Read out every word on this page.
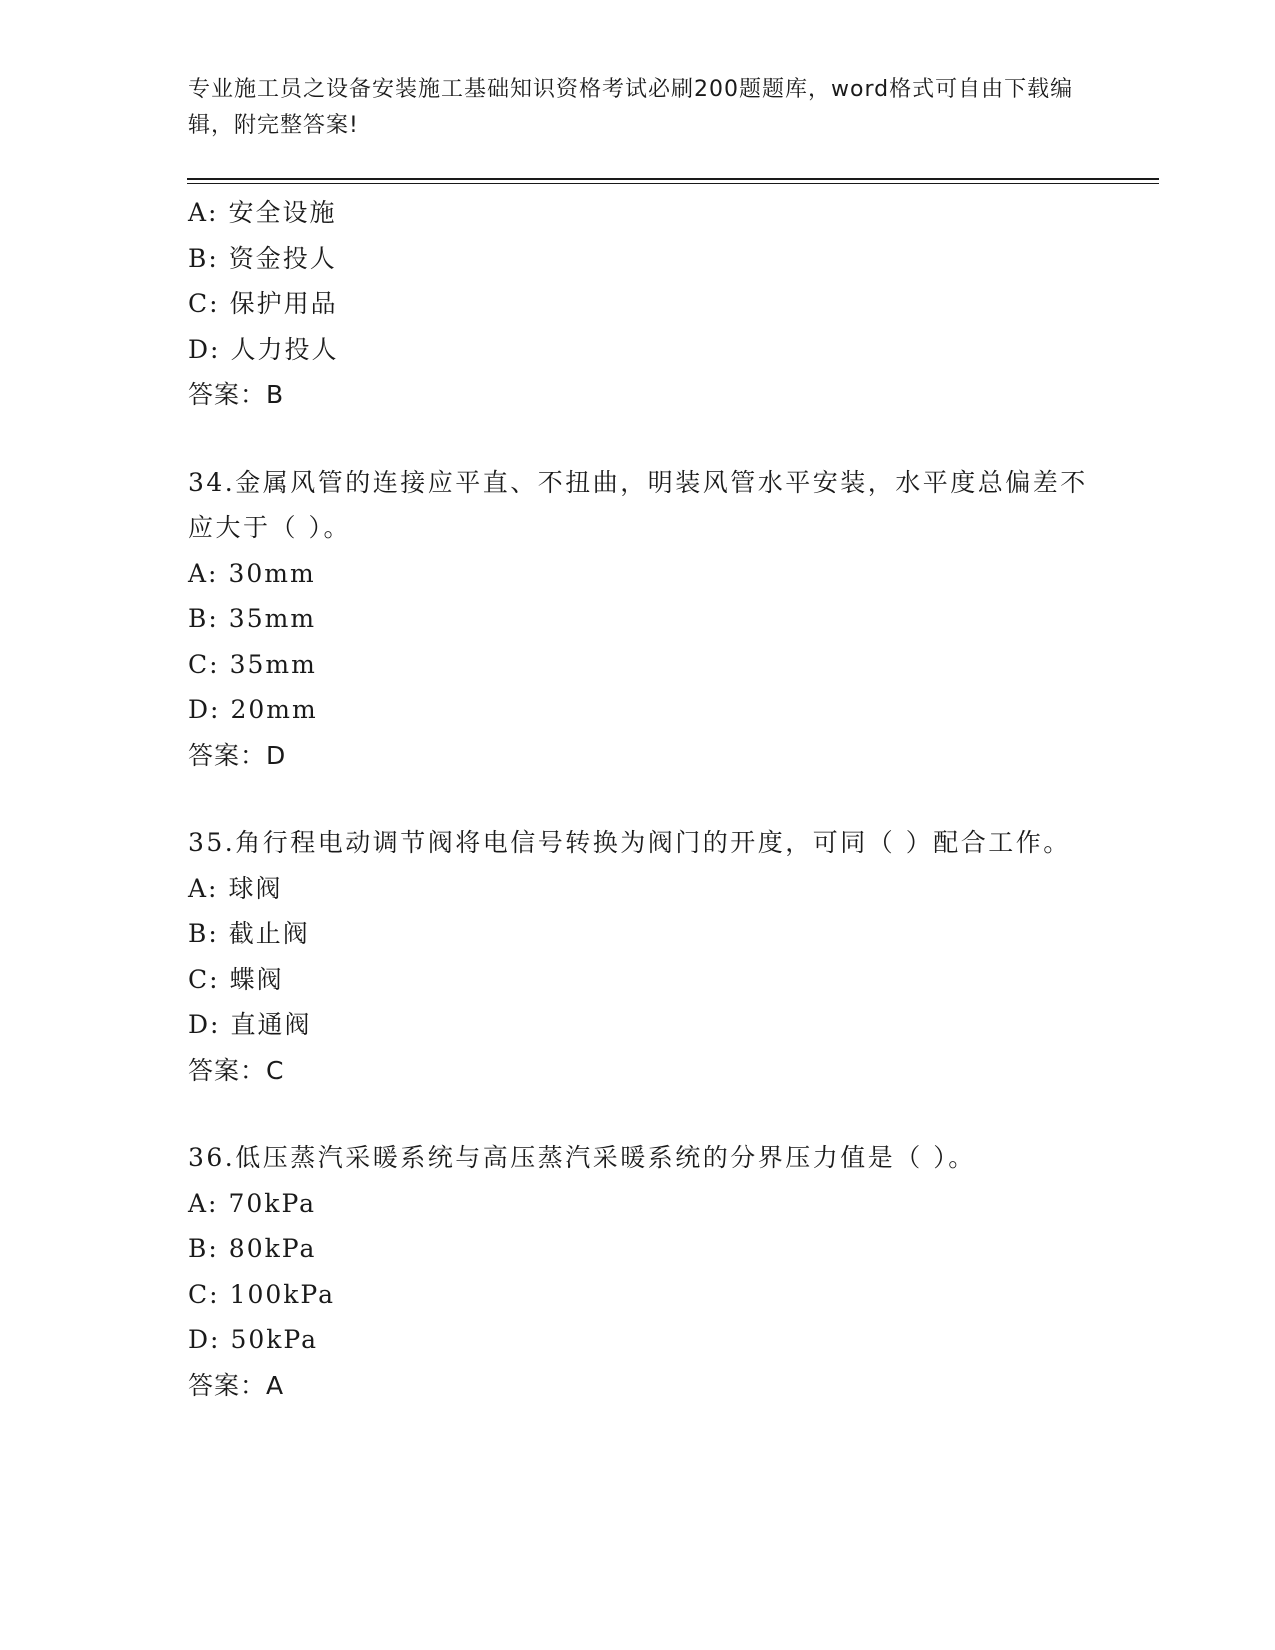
专业施工员之设备安装施工基础知识资格考试必刷200题题库，word格式可自由下载编辑，附完整答案!
A: 安全设施
B: 资金投人
C: 保护用品
D: 人力投人
答案：B
34.金属风管的连接应平直、不扭曲，明装风管水平安装，水平度总偏差不应大于（ ）。
A: 30mm
B: 35mm
C: 35mm
D: 20mm
答案：D
35.角行程电动调节阀将电信号转换为阀门的开度，可同（ ）配合工作。
A: 球阀
B: 截止阀
C: 蝶阀
D: 直通阀
答案：C
36.低压蒸汽采暖系统与高压蒸汽采暖系统的分界压力值是（ ）。
A: 70kPa
B: 80kPa
C: 100kPa
D: 50kPa
答案：A
